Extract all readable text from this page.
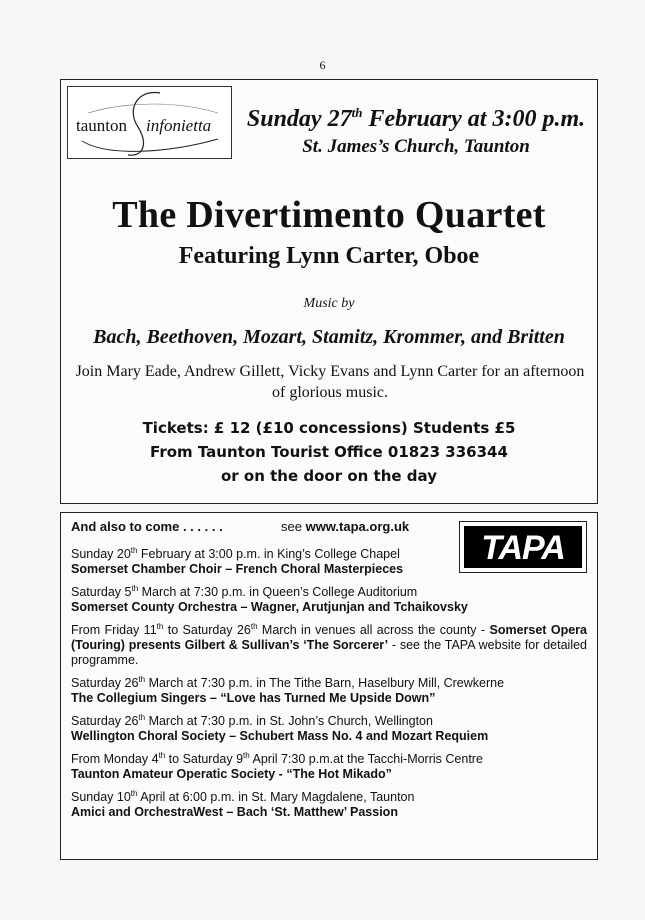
6
taunton infonietta Sunday 27th February at 3:00 p.m.
St. James’s Church, Taunton
The Divertimento Quartet
Featuring Lynn Carter, Oboe
Music by
Bach, Beethoven, Mozart, Stamitz, Krommer, and Britten
Join Mary Eade, Andrew Gillett, Vicky Evans and Lynn Carter for an afternoon of glorious music.
Tickets: £ 12 (£10 concessions) Students £5
From Taunton Tourist Office 01823 336344
or on the door on the day
And also to come . . . . . .	see www.tapa.org.uk
TAPA
Sunday 20th February at 3:00 p.m. in King’s College Chapel
Somerset Chamber Choir – French Choral Masterpieces
Saturday 5th March at 7:30 p.m. in Queen’s College Auditorium
Somerset County Orchestra – Wagner, Arutjunjan and Tchaikovsky
From Friday 11th to Saturday 26th March in venues all across the county - Somerset Opera (Touring) presents Gilbert & Sullivan’s ‘The Sorcerer’ - see the TAPA website for detailed programme.
Saturday 26th March at 7:30 p.m. in The Tithe Barn, Haselbury Mill, Crewkerne
The Collegium Singers – “Love has Turned Me Upside Down”
Saturday 26th March at 7:30 p.m. in St. John’s Church, Wellington
Wellington Choral Society – Schubert Mass No. 4 and Mozart Requiem
From Monday 4th to Saturday 9th April 7:30 p.m.at the Tacchi-Morris Centre
Taunton Amateur Operatic Society - “The Hot Mikado”
Sunday 10th April at 6:00 p.m. in St. Mary Magdalene, Taunton
Amici and OrchestraWest – Bach ‘St. Matthew’ Passion
